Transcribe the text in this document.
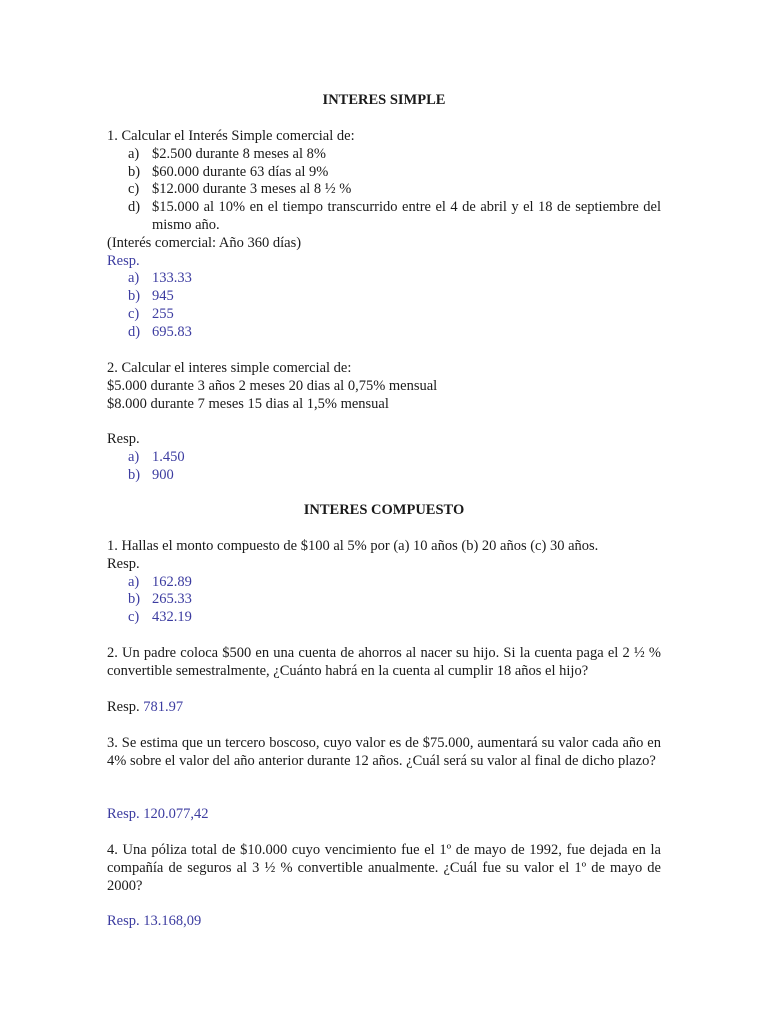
INTERES SIMPLE
1. Calcular el Interés Simple comercial de:
a) $2.500 durante 8 meses al 8%
b) $60.000 durante 63 días al 9%
c) $12.000 durante 3 meses al 8 ½ %
d) $15.000 al 10% en el tiempo transcurrido entre el 4 de abril y el 18 de septiembre del mismo año.
(Interés comercial: Año 360 días)
Resp.
a) 133.33
b) 945
c) 255
d) 695.83
2. Calcular el interes simple comercial de:
$5.000 durante 3 años 2 meses 20 dias al 0,75% mensual
$8.000 durante 7 meses 15 dias al 1,5% mensual
Resp.
a) 1.450
b) 900
INTERES COMPUESTO
1. Hallas el monto compuesto de $100 al 5% por (a) 10 años (b) 20 años (c) 30 años.
Resp.
a) 162.89
b) 265.33
c) 432.19
2. Un padre coloca $500 en una cuenta de ahorros al nacer su hijo. Si la cuenta paga el 2 ½ % convertible semestralmente, ¿Cuánto habrá en la cuenta al cumplir 18 años el hijo?
Resp. 781.97
3. Se estima que un tercero boscoso, cuyo valor es de $75.000, aumentará su valor cada año en 4% sobre el valor del año anterior durante 12 años. ¿Cuál será su valor al final de dicho plazo?
Resp. 120.077,42
4. Una póliza total de $10.000 cuyo vencimiento fue el 1º de mayo de 1992, fue dejada en la compañía de seguros al 3 ½ % convertible anualmente. ¿Cuál fue su valor el 1º de mayo de 2000?
Resp. 13.168,09
